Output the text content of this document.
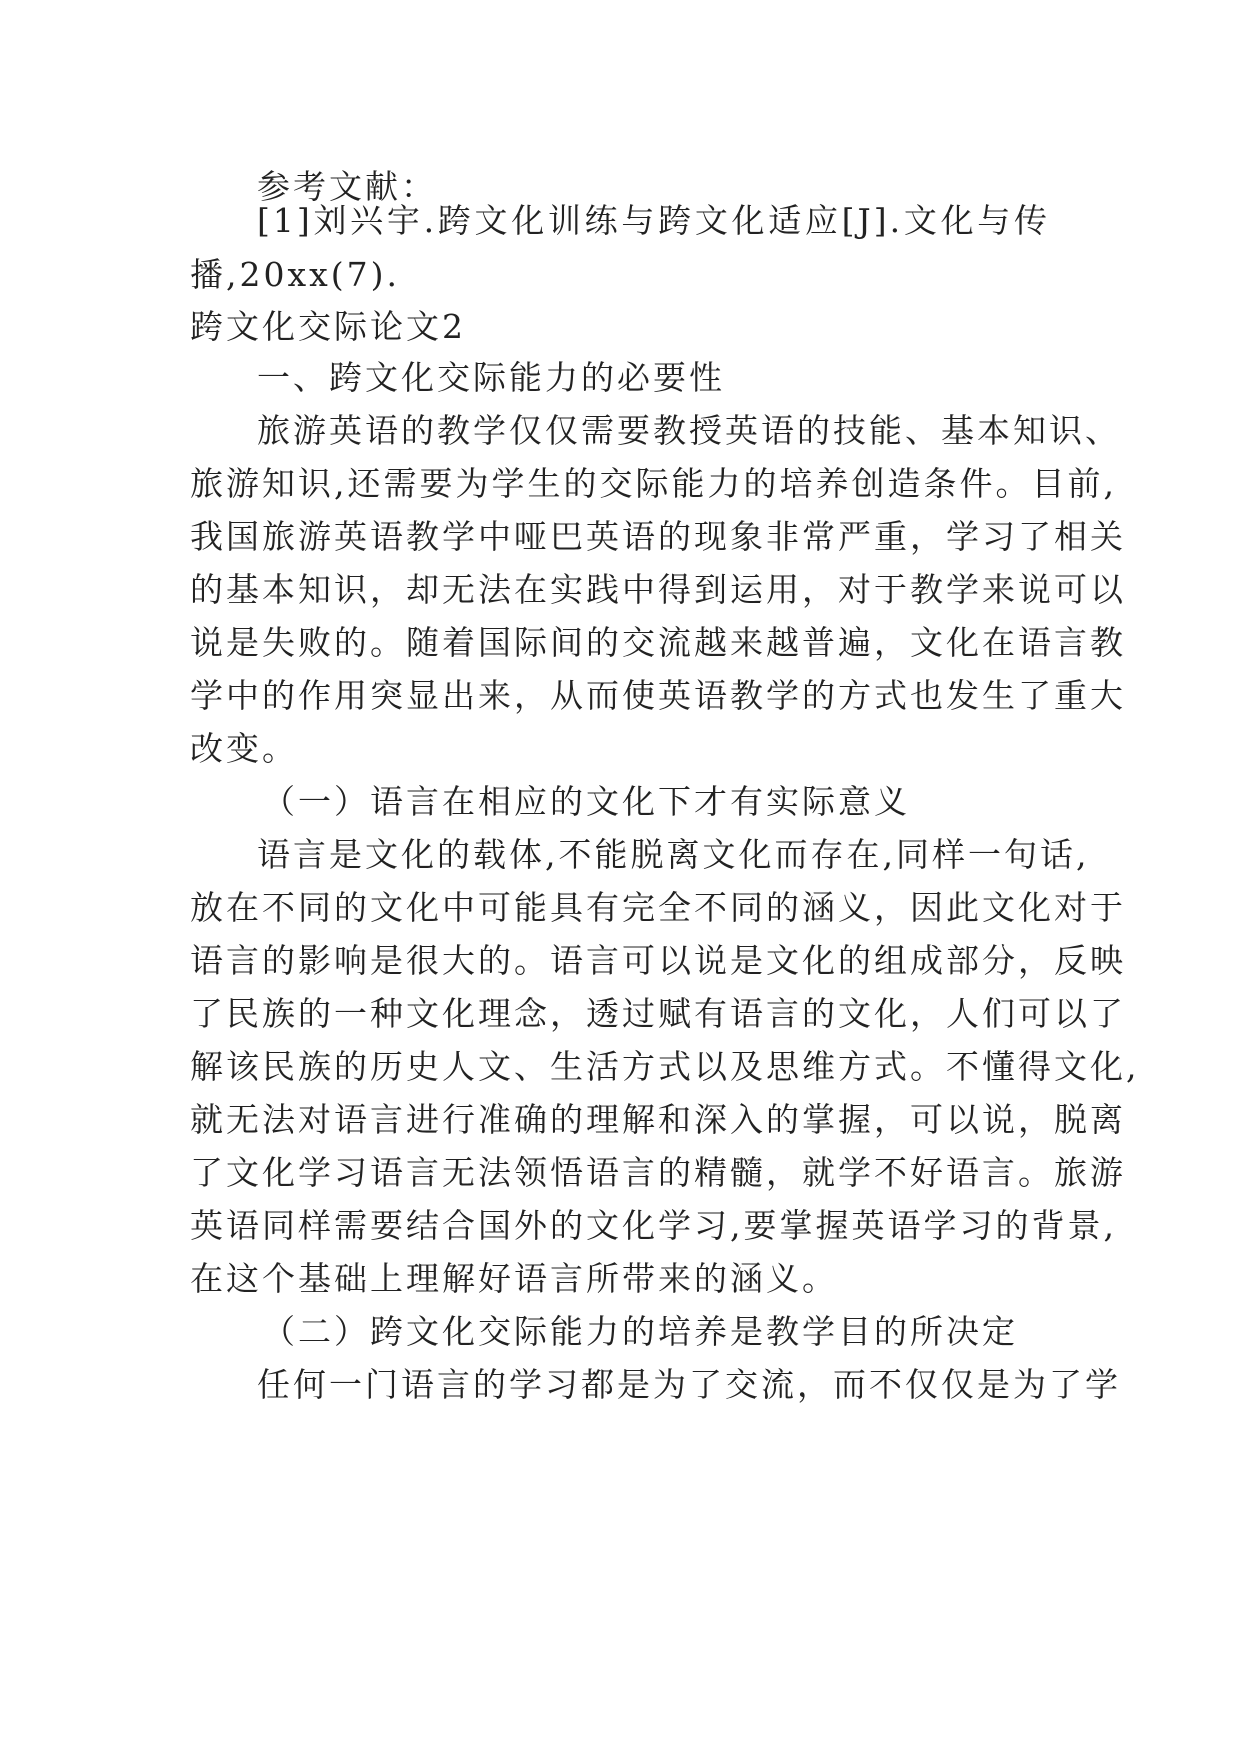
参考文献：

[1]刘兴宇.跨文化训练与跨文化适应[J].文化与传

播,20xx(7).

跨文化交际论文2

一、跨文化交际能力的必要性

旅游英语的教学仅仅需要教授英语的技能、基本知识、

旅游知识,还需要为学生的交际能力的培养创造条件。目前,

我国旅游英语教学中哑巴英语的现象非常严重，学习了相关

的基本知识，却无法在实践中得到运用，对于教学来说可以

说是失败的。随着国际间的交流越来越普遍，文化在语言教

学中的作用突显出来，从而使英语教学的方式也发生了重大

改变。

（一）语言在相应的文化下才有实际意义

语言是文化的载体,不能脱离文化而存在,同样一句话,

放在不同的文化中可能具有完全不同的涵义，因此文化对于

语言的影响是很大的。语言可以说是文化的组成部分，反映

了民族的一种文化理念，透过赋有语言的文化，人们可以了

解该民族的历史人文、生活方式以及思维方式。不懂得文化,

就无法对语言进行准确的理解和深入的掌握，可以说，脱离

了文化学习语言无法领悟语言的精髓，就学不好语言。旅游

英语同样需要结合国外的文化学习,要掌握英语学习的背景,

在这个基础上理解好语言所带来的涵义。

（二）跨文化交际能力的培养是教学目的所决定

任何一门语言的学习都是为了交流，而不仅仅是为了学
